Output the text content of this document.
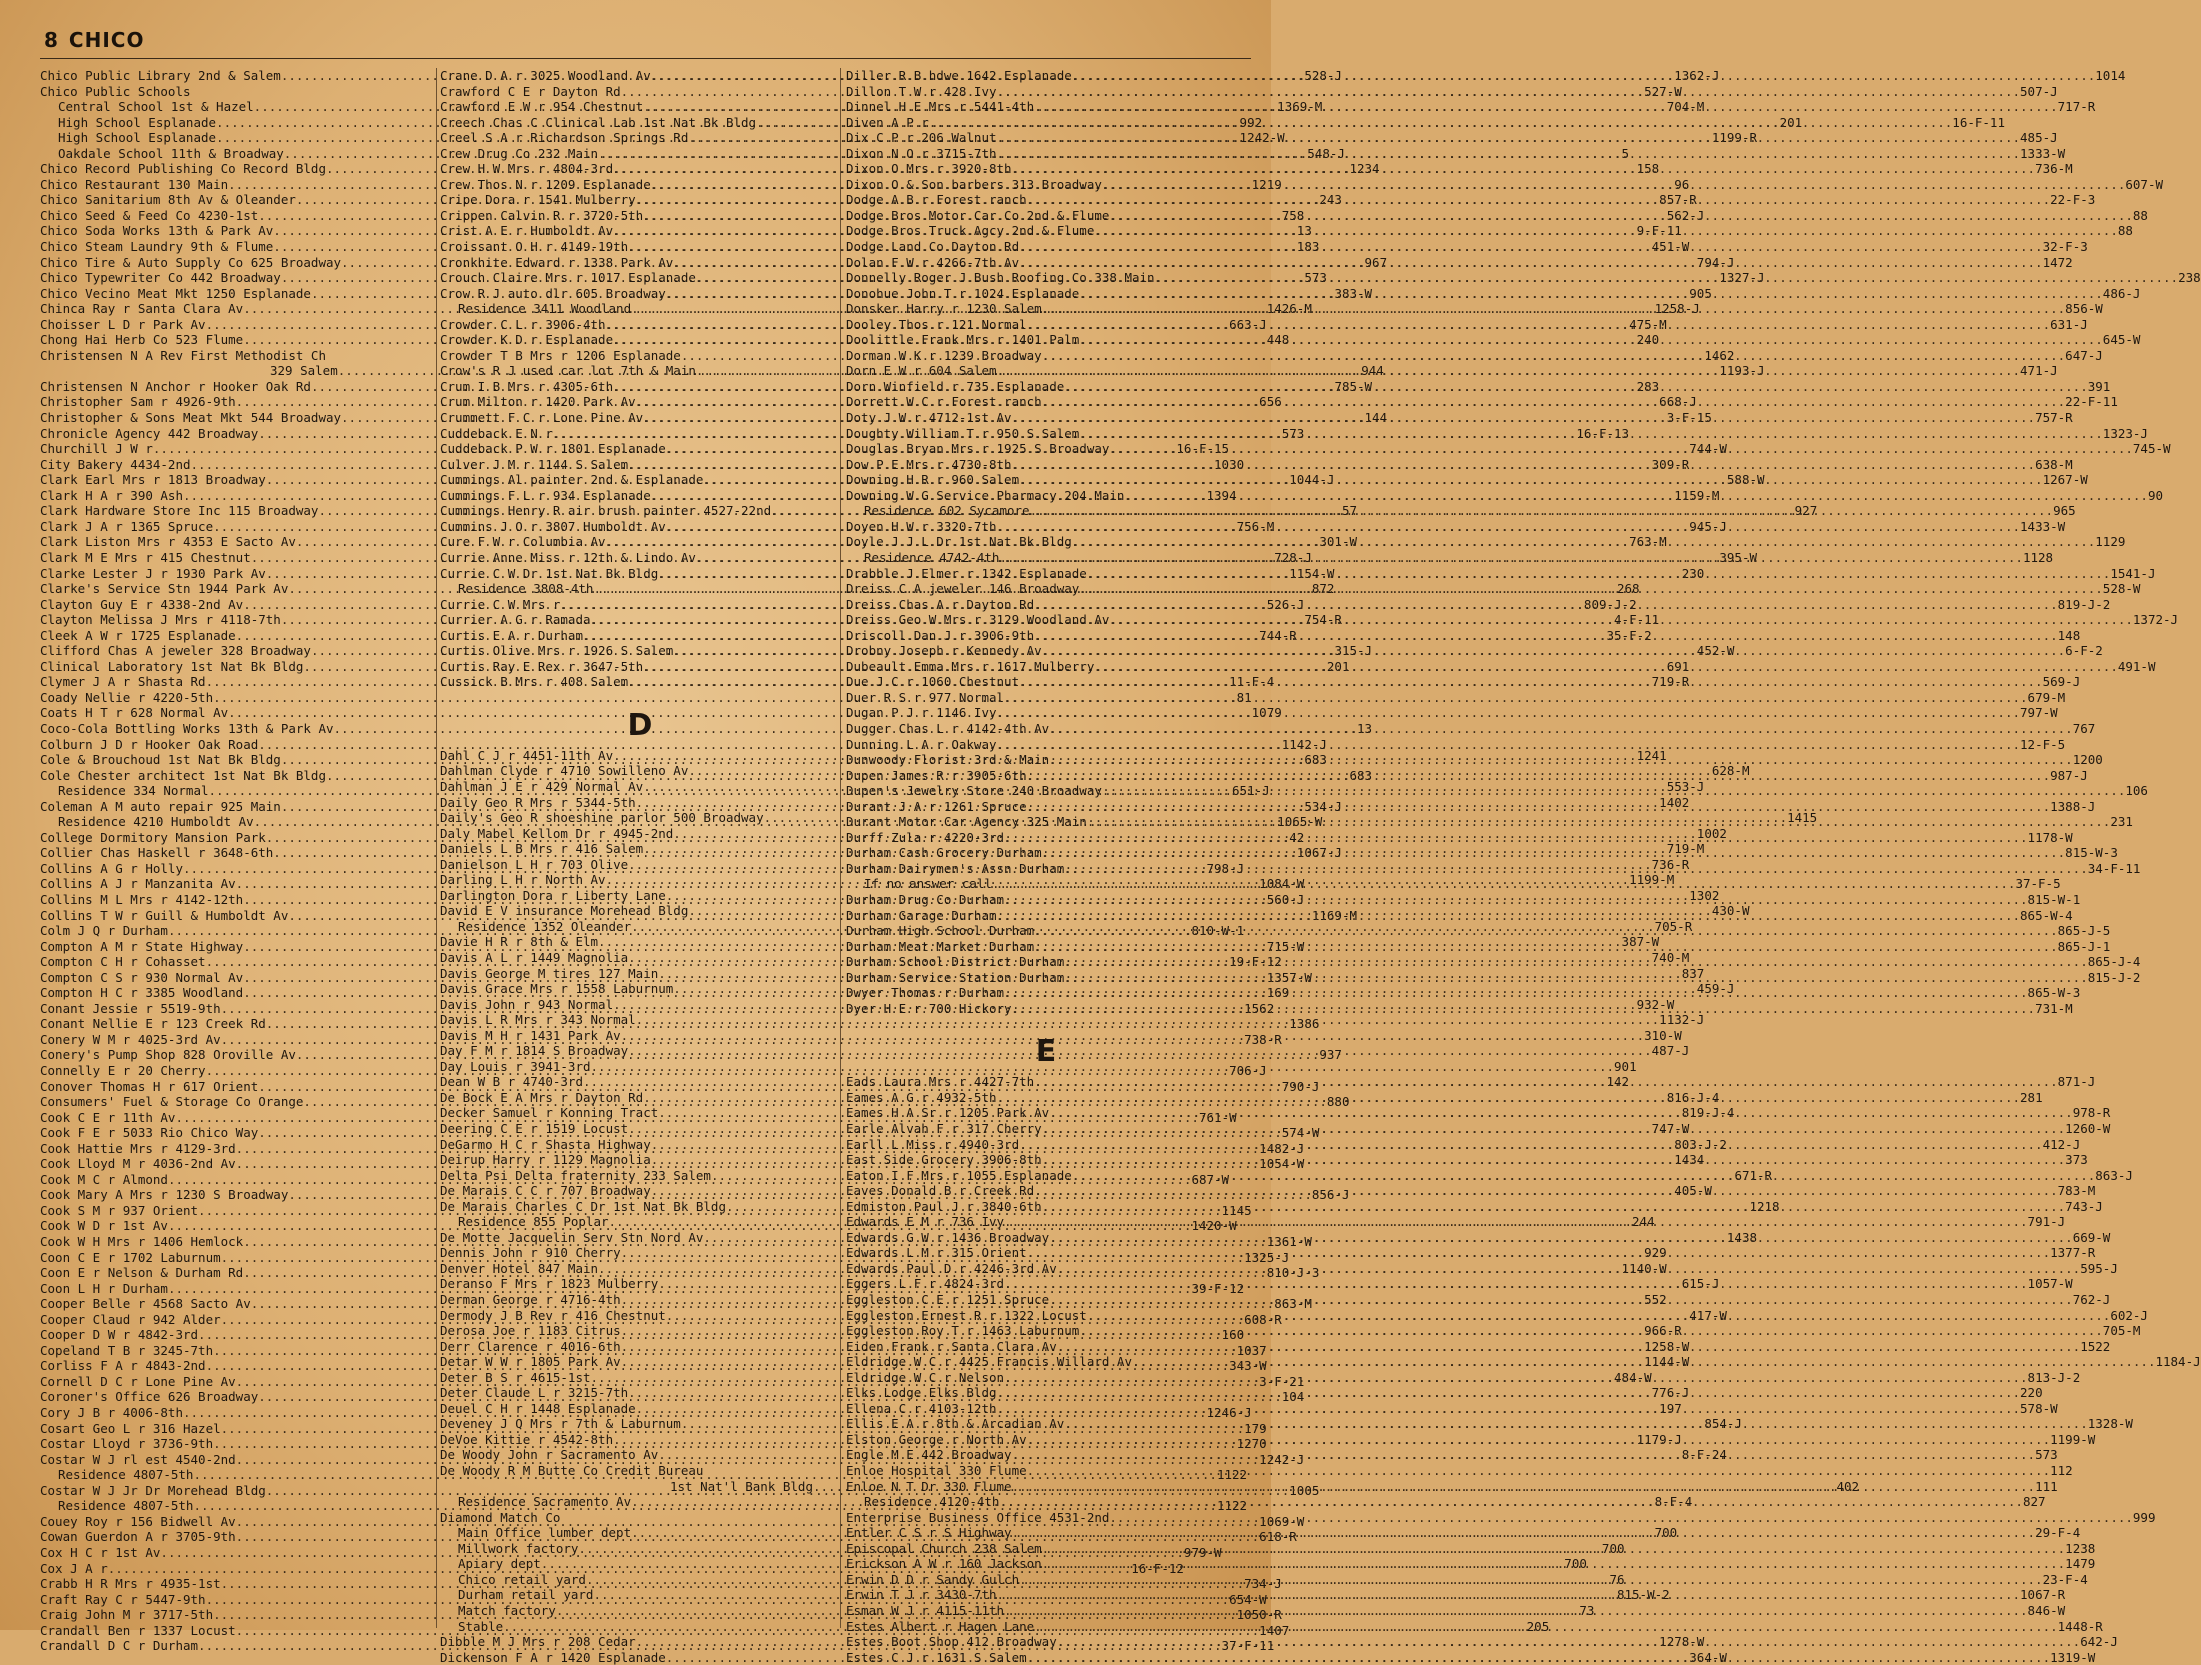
8 CHICO
Chico Public Library 2nd & Salem .....	528-J
Chico Public Schools
Central School 1st & Hazel .....	1369-M
High School Esplanade .....	992
High School Esplanade .....	1242-W
Oakdale School 11th & Broadway .....	548-J
Chico Record Publishing Co Record Bldg .....	1234
Chico Restaurant 130 Main .....	1219
Chico Sanitarium 8th Av & Oleander .....	243
Chico Seed & Feed Co 4230-1st .....	758
Chico Soda Works 13th & Park Av .....	13
Chico Steam Laundry 9th & Flume .....	183
Chico Tire & Auto Supply Co 625 Broadway .....	967
Chico Typewriter Co 442 Broadway .....	573
Chico Vecino Meat Mkt 1250 Esplanade .....	383-W
Chinca Ray r Santa Clara Av .....	1426-M
Choisser L D r Park Av .....	663-J
Chong Hai Herb Co 523 Flume .....	448
Christensen N A Rev First Methodist Ch
329 Salem .....	944
Christensen N Anchor r Hooker Oak Rd .....	785-W
Christopher Sam r 4926-9th .....	656
Christopher & Sons Meat Mkt 544 Broadway .....	144
Chronicle Agency 442 Broadway .....	573
Churchill J W r .....	16-F-15
City Bakery 4434-2nd .....	1030
Clark Earl Mrs r 1813 Broadway .....	1044-J
Clark H A r 390 Ash .....	1394
Clark Hardware Store Inc 115 Broadway .....	57
Clark J A r 1365 Spruce .....	756-M
Clark Liston Mrs r 4353 E Sacto Av .....	301-W
Clark M E Mrs r 415 Chestnut .....	728-J
Clarke Lester J r 1930 Park Av .....	1154-W
Clarke's Service Stn 1944 Park Av .....	872
Clayton Guy E r 4338-2nd Av .....	526-J
Clayton Melissa J Mrs r 4118-7th .....	754-R
Cleek A W r 1725 Esplanade .....	744-R
Clifford Chas A jeweler 328 Broadway .....	315-J
Clinical Laboratory 1st Nat Bk Bldg .....	201
Clymer J A r Shasta Rd .....	11-F-4
Coady Nellie r 4220-5th .....	81
Coats H T r 628 Normal Av .....	1079
Coco-Cola Bottling Works 13th & Park Av .....	13
Colburn J D r Hooker Oak Road .....	1142-J
Cole & Brouchoud 1st Nat Bk Bldg .....	683
Cole Chester architect 1st Nat Bk Bldg .....	683
Residence 334 Normal .....	651-J
Coleman A M auto repair 925 Main .....	534-J
Residence 4210 Humboldt Av .....	1065-W
College Dormitory Mansion Park .....	42
Collier Chas Haskell r 3648-6th .....	1067-J
Collins A G r Holly .....	798-J
Collins A J r Manzanita Av .....	1084-W
Collins M L Mrs r 4142-12th .....	560-J
Collins T W r Guill & Humboldt Av .....	1169-M
Colm J Q r Durham .....	810-W-1
Compton A M r State Highway .....	715-W
Compton C H r Cohasset .....	19-F-12
Compton C S r 930 Normal Av .....	1357-W
Compton H C r 3385 Woodland .....	169
Conant Jessie r 5519-9th .....	1562
Conant Nellie E r 123 Creek Rd .....	1386
Conery W M r 4025-3rd Av .....	738-R
Conery's Pump Shop 828 Oroville Av .....	937
Connelly E r 20 Cherry .....	706-J
Conover Thomas H r 617 Orient .....	790-J
Consumers' Fuel & Storage Co Orange .....	880
Cook C E r 11th Av .....	761-W
Cook F E r 5033 Rio Chico Way .....	574-W
Cook Hattie Mrs r 4129-3rd .....	1482-J
Cook Lloyd M r 4036-2nd Av .....	1054-W
Cook M C r Almond .....	687-W
Cook Mary A Mrs r 1230 S Broadway .....	856-J
Cook S M r 937 Orient .....	1145
Cook W D r 1st Av .....	1420-W
Cook W H Mrs r 1406 Hemlock .....	1361-W
Coon C E r 1702 Laburnum .....	1325-J
Coon E r Nelson & Durham Rd .....	810-J-3
Coon L H r Durham .....	39-F-12
Cooper Belle r 4568 Sacto Av .....	863-M
Cooper Claud r 942 Alder .....	608-R
Cooper D W r 4842-3rd .....	160
Copeland T B r 3245-7th .....	1037
Corliss F A r 4843-2nd .....	343-W
Cornell D C r Lone Pine Av .....	3-F-21
Coroner's Office 626 Broadway .....	104
Cory J B r 4006-8th .....	1246-J
Cosart Geo L r 316 Hazel .....	179
Costar Lloyd r 3736-9th .....	1270
Costar W J rl est 4540-2nd .....	1242-J
Residence 4807-5th .....	1122
Costar W J Jr Dr Morehead Bldg .....	1005
Residence 4807-5th .....	1122
Couey Roy r 156 Bidwell Av .....	1069-W
Cowan Guerdon A r 3705-9th .....	618-R
Cox H C r 1st Av .....	979-W
Cox J A r .....	16-F-12
Crabb H R Mrs r 4935-1st .....	734-J
Craft Ray C r 5447-9th .....	654-W
Craig John M r 3717-5th .....	1050-R
Crandall Ben r 1337 Locust .....	1407
Crandall D C r Durham .....	37-F-11
Crane D A r 3025 Woodland Av .....	1362-J
Crawford C E r Dayton Rd .....	527-W
Crawford E W r 954 Chestnut .....	704-M
Creech Chas C Clinical Lab 1st Nat Bk Bldg .....	201
Creel S A r Richardson Springs Rd .....	1199-R
Crew Drug Co 232 Main .....	5
Crew H W Mrs r 4804-3rd .....	158
Crew Thos N r 1209 Esplanade .....	96
Cripe Dora r 1541 Mulberry .....	857-R
Crippen Calvin R r 3720-5th .....	562-J
Crist A E r Humboldt Av .....	9-F-11
Croissant O H r 4149-19th .....	451-W
Cronkhite Edward r 1338 Park Av .....	794-J
Crouch Claire Mrs r 1017 Esplanade .....	1327-J
Crow R J auto dlr 605 Broadway .....	905
Residence 3411 Woodland .....	1258-J
Crowder C L r 3906-4th .....	475-M
Crowder K D r Esplanade .....	240
Crowder T B Mrs r 1206 Esplanade .....	1462
Crow's R J used car lot 7th & Main .....	1193-J
Crum I B Mrs r 4305-6th .....	283
Crum Milton r 1420 Park Av .....	668-J
Crummett F C r Lone Pine Av .....	3-F-15
Cuddeback E N r .....	16-F-13
Cuddeback P W r 1801 Esplanade .....	744-W
Culver J M r 1144 S Salem .....	309-R
Cummings Al painter 2nd & Esplanade .....	588-W
Cummings F L r 934 Esplanade .....	1159-M
Cummings Henry R air brush painter 4527-22nd .....	927
Cummins J O r 3807 Humboldt Av .....	945-J
Cure F W r Columbia Av .....	763-M
Currie Anne Miss r 12th & Lindo Av .....	395-W
Currie C W Dr 1st Nat Bk Bldg .....	230
Residence 3808-4th .....	268
Currie C W Mrs r .....	809-J-2
Currier A G r Ramada .....	4-F-11
Curtis E A r Durham .....	35-F-2
Curtis Olive Mrs r 1926 S Salem .....	452-W
Curtis Ray E Rex r 3647-5th .....	691
Cussick B Mrs r 408 Salem .....	719-R
D
Dahl C J r 4451-11th Av .....	1241
Dahlman Clyde r 4710 Sowilleno Av .....	628-M
Dahlman J E r 429 Normal Av .....	553-J
Daily Geo R Mrs r 5344-5th .....	1402
Daily's Geo R shoeshine parlor 500 Broadway .....	1415
Daly Mabel Kellom Dr r 4945-2nd .....	1002
Daniels L B Mrs r 416 Salem .....	719-M
Danielson L H r 703 Olive .....	736-R
Darling L H r North Av .....	1199-M
Darlington Dora r Liberty Lane .....	1302
David E V insurance Morehead Bldg .....	430-W
Residence 1352 Oleander .....	705-R
Davie H R r 8th & Elm .....	387-W
Davis A L r 1449 Magnolia .....	740-M
Davis George M tires 127 Main .....	837
Davis Grace Mrs r 1558 Laburnum .....	459-J
Davis John r 943 Normal .....	932-W
Davis L R Mrs r 343 Normal .....	1132-J
Davis M H r 1431 Park Av .....	310-W
Day F M r 1814 S Broadway .....	487-J
Day Louis r 3941-3rd .....	901
Dean W B r 4740-3rd .....	142
De Bock E A Mrs r Dayton Rd .....	816-J-4
Decker Samuel r Konning Tract .....	819-J-4
Deering C E r 1519 Locust .....	747-W
DeGarmo H C r Shasta Highway .....	803-J-2
Deirup Harry r 1129 Magnolia .....	1434
Delta Psi Delta fraternity 233 Salem .....	671-R
De Marais C C r 707 Broadway .....	405-W
De Marais Charles C Dr 1st Nat Bk Bldg .....	1218
Residence 855 Poplar .....	244
De Motte Jacquelin Serv Stn Nord Av .....	1438
Dennis John r 910 Cherry .....	929
Denver Hotel 847 Main .....	1140-W
Deranso F Mrs r 1823 Mulberry .....	615-J
Derman George r 4716-4th .....	552
Dermody J B Rev r 416 Chestnut .....	417-W
Derosa Joe r 1183 Citrus .....	966-R
Derr Clarence r 4016-6th .....	1258-W
Detar W W r 1805 Park Av .....	1144-W
Deter B S r 4615-1st .....	484-W
Deter Claude L r 3215-7th .....	776-J
Deuel C H r 1448 Esplanade .....	197
Deveney J Q Mrs r 7th & Laburnum .....	854-J
DeVoe Kittie r 4542-8th .....	1179-J
De Woody John r Sacramento Av .....	8-F-24
De Woody R M Butte Co Credit Bureau
1st Nat'l Bank Bldg .....	402
Residence Sacramento Av .....	8-F-4
Diamond Match Co
Main Office lumber dept .....	700
Millwork factory .....	700
Apiary dept .....	700
Chico retail yard .....	76
Durham retail yard .....	815-W-2
Match factory .....	73
Stable .....	205
Dibble M J Mrs r 208 Cedar .....	1278-W
Dickenson F A r 1420 Esplanade .....	364-W
Diller R B hdwe 1642 Esplanade .....	1014
Dillon T W r 428 Ivy .....	507-J
Dinnel H E Mrs r 5441-4th .....	717-R
Diven A P r .....	16-F-11
Dix C P r 206 Walnut .....	485-J
Dixon N O r 3715-7th .....	1333-W
Dixon O Mrs r 3920-8th .....	736-M
Dixon O & Son barbers 313 Broadway .....	607-W
Dodge A B r Forest ranch .....	22-F-3
Dodge Bros Motor Car Co 2nd & Flume .....	88
Dodge Bros Truck Agcy 2nd & Flume .....	88
Dodge Land Co Dayton Rd .....	32-F-3
Dolan F W r 4266-7th Av .....	1472
Donnelly Roger J Bush Roofing Co 338 Main .....	238
Donohue John T r 1024 Esplanade .....	486-J
Donsker Harry r 1230 Salem .....	856-W
Dooley Thos r 121 Normal .....	631-J
Doolittle Frank Mrs r 1401 Palm .....	645-W
Dorman W K r 1239 Broadway .....	647-J
Dorn E W r 604 Salem .....	471-J
Dorn Winfield r 735 Esplanade .....	391
Dorrett W C r Forest ranch .....	22-F-11
Doty J W r 4712-1st Av .....	757-R
Doughty William T r 950 S Salem .....	1323-J
Douglas Bryan Mrs r 1925 S Broadway .....	745-W
Dow P E Mrs r 4730-8th .....	638-M
Downing H R r 960 Salem .....	1267-W
Downing W G Service Pharmacy 204 Main .....	90
Residence 602 Sycamore .....	965
Doyen H W r 3320-7th .....	1433-W
Doyle J J L Dr 1st Nat Bk Bldg .....	1129
Residence 4742-4th .....	1128
Drabble J Elmer r 1342 Esplanade .....	1541-J
Dreiss C A jeweler 146 Broadway .....	528-W
Dreiss Chas A r Dayton Rd .....	819-J-2
Dreiss Geo W Mrs r 3129 Woodland Av .....	1372-J
Driscoll Dan J r 3906-9th .....	148
Drobny Joseph r Kennedy Av .....	6-F-2
Dubeault Emma Mrs r 1617 Mulberry .....	491-W
Due J C r 1060 Chestnut .....	569-J
Duer R S r 977 Normal .....	679-M
Dugan P J r 1146 Ivy .....	797-W
Dugger Chas L r 4142-4th Av .....	767
Dunning L A r Oakway .....	12-F-5
Dunwoody Florist 3rd & Main .....	1200
Dupen James R r 3905-6th .....	987-J
Dupen's Jewelry Store 240 Broadway .....	106
Durant J A r 1261 Spruce .....	1388-J
Durant Motor Car Agency 325 Main .....	231
Durff Zula r 4220-3rd .....	1178-W
Durham Cash Grocery Durham .....	815-W-3
Durham Dairymen's Assn Durham .....	34-F-11
If no answer call .....	37-F-5
Durham Drug Co Durham .....	815-W-1
Durham Garage Durham .....	865-W-4
Durham High School Durham .....	865-J-5
Durham Meat Market Durham .....	865-J-1
Durham School District Durham .....	865-J-4
Durham Service Station Durham .....	815-J-2
Dwyer Thomas r Durham .....	865-W-3
Dyer H E r 700 Hickory .....	731-M
E
Eads Laura Mrs r 4427-7th .....	871-J
Eames A G r 4932-5th .....	281
Eames H A Sr r 1205 Park Av .....	978-R
Earle Alvah F r 317 Cherry .....	1260-W
Earll L Miss r 4940-3rd .....	412-J
East Side Grocery 3906-8th .....	373
Eaton I F Mrs r 1055 Esplanade .....	863-J
Eaves Donald B r Creek Rd .....	783-M
Edmiston Paul J r 3840-6th .....	743-J
Edwards E M r 736 Ivy .....	791-J
Edwards G W r 1436 Broadway .....	669-W
Edwards L M r 315 Orient .....	1377-R
Edwards Paul D r 4246-3rd Av .....	595-J
Eggers L F r 4824-3rd .....	1057-W
Eggleston C E r 1251 Spruce .....	762-J
Eggleston Ernest R r 1322 Locust .....	602-J
Eggleston Roy T r 1463 Laburnum .....	705-M
Eiden Frank r Santa Clara Av .....	1522
Eldridge W C r 4425 Francis Willard Av .....	1184-J
Eldridge W C r Nelson .....	813-J-2
Elks Lodge Elks Bldg .....	220
Ellena C r 4103-12th .....	578-W
Ellis E A r 8th & Arcadian Av .....	1328-W
Elston George r North Av .....	1199-W
Engle M E 442 Broadway .....	573
Enloe Hospital 330 Flume .....	112
Enloe N T Dr 330 Flume .....	111
Residence 4120-4th .....	827
Enterprise Business Office 4531-2nd .....	999
Entler C S r S Highway .....	29-F-4
Episcopal Church 238 Salem .....	1238
Erickson A W r 160 Jackson .....	1479
Erwin D D r Sandy Gulch .....	23-F-4
Erwin T J r 3430-7th .....	1067-R
Esman W J r 4115-11th .....	846-W
Estes Albert r Hagen Lane .....	1448-R
Estes Boot Shop 412 Broadway .....	642-J
Estes C J r 1631 S Salem .....	1319-W
